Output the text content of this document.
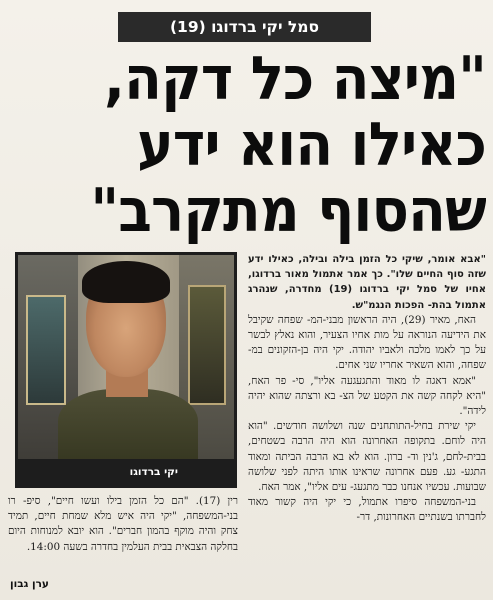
סמל יקי ברדוגו (19)
"מיצה כל דקה,
כאילו הוא ידע
שהסוף מתקרב"
יקי ברדוגו

"אבא אומר, שיקי כל הזמן בילה ובילה, כאילו ידע שזה סוף החיים שלו". כך אמר אתמול מאור ברדוגו, אחיו של סמל יקי ברדוגו (19) מחדרה, שנהרג אתמול בהת- הפכות הנגמ"ש.

האח, מאיר (29), היה הראשון מבני-המ- שפחה שקיבל את הידיעה הנוראה על מות אחיו הצעיר, והוא נאלץ לבשר על כך לאמו מלכה ולאביו יהודה. יקי היה בן-הזקונים במ- שפחה, והוא השאיר אחריו שני אחים.

"אמא דאגה לו מאוד והתגעגעה אליו", סי- פר האח, "היא לקחה קשה את הקטע של הצ- בא ורצתה שהוא יהיה לידה".

יקי שירת בחיל-התותחנים שנה ושלושה חודשים. "הוא היה לוחם. בתקופה האחרונה הוא היה הרבה בשטחים, בבית-לחם, ג'נין וד- ברון. הוא לא בא הרבה הביתה ומאוד התגע- גע. פעם אחרונה שראינו אותו היתה לפני שלושה שבועות. עכשיו אנחנו כבר מתגעג- עים אליו", אמר האח.

בני-המשפחה סיפרו אתמול, כי יקי היה קשור מאוד לחברתו בשנתיים האחרונות, דר-

רין (17). "הם כל הזמן בילו ועשו חיים", סיפ- רו בני-המשפחה, "יקי היה איש מלא שמחת חיים, תמיד צחק והיה מוקף בהמון חברים". הוא יובא למנוחות היום בחלקה הצבאית בבית העלמין בחדרה בשעה 14:00.

ערן גבון
